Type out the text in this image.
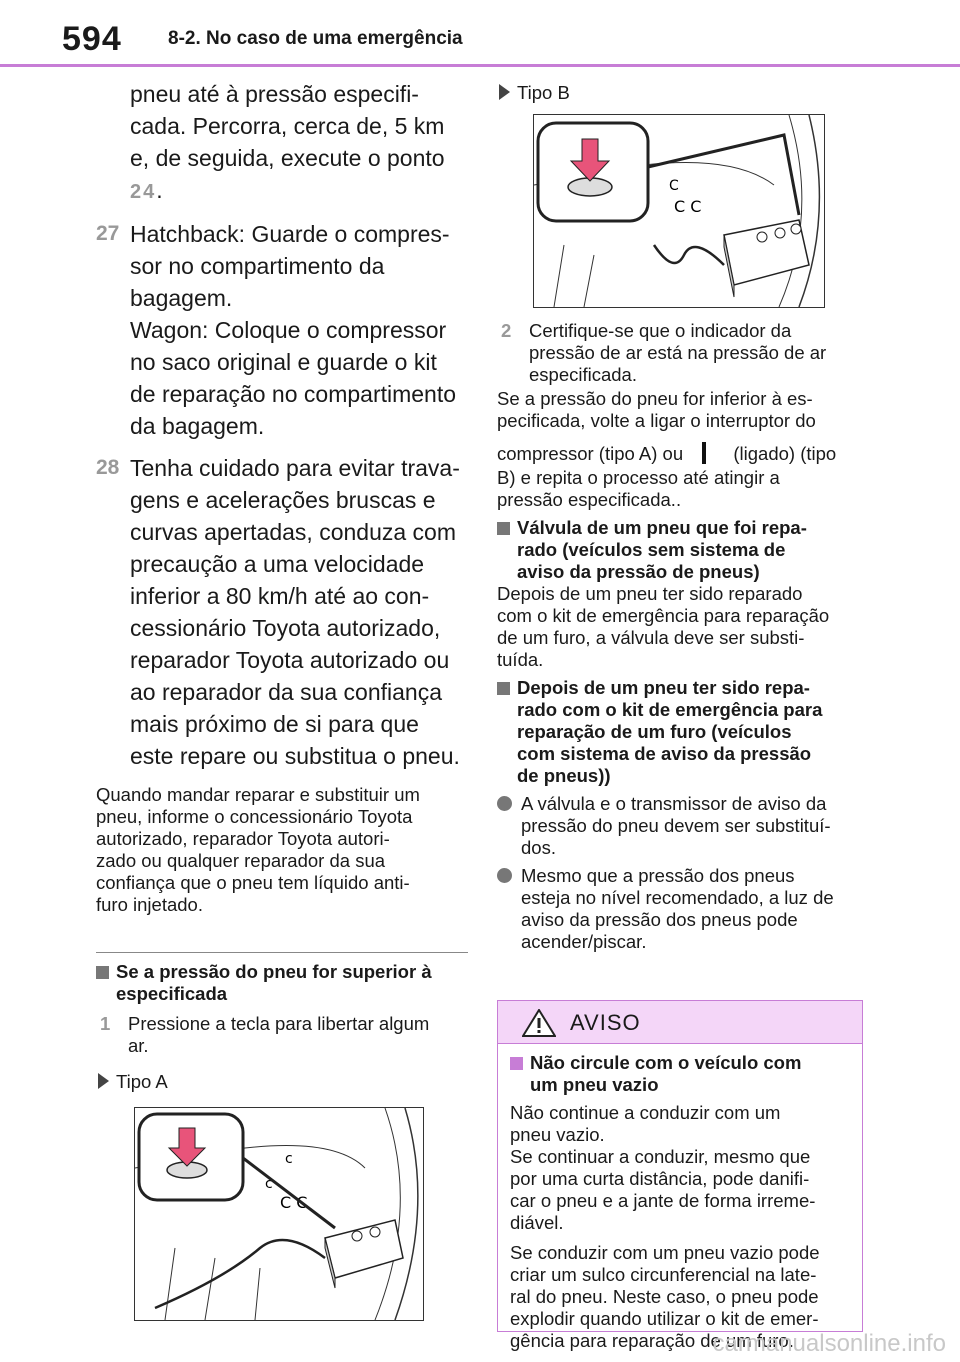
594 8-2. No caso de uma emergência
pneu até à pressão especifi-
cada. Percorra, cerca de, 5 km
e, de seguida, execute o ponto
24.
27 Hatchback: Guarde o compres-
sor no compartimento da
bagagem.
Wagon: Coloque o compressor
no saco original e guarde o kit
de reparação no compartimento
da bagagem.
28 Tenha cuidado para evitar trava-
gens e acelerações bruscas e
curvas apertadas, conduza com
precaução a uma velocidade
inferior a 80 km/h até ao con-
cessionário Toyota autorizado,
reparador Toyota autorizado ou
ao reparador da sua confiança
mais próximo de si para que
este repare ou substitua o pneu.
Quando mandar reparar e substituir um
pneu, informe o concessionário Toyota
autorizado, reparador Toyota autori-
zado ou qualquer reparador da sua
confiança que o pneu tem líquido anti-
furo injetado.
Se a pressão do pneu for superior à
especificada
1 Pressione a tecla para libertar algum
ar.
Tipo A
c
c
C C
Tipo B
C
C C
2 Certifique-se que o indicador da
pressão de ar está na pressão de ar
especificada.
Se a pressão do pneu for inferior à es-
pecificada, volte a ligar o interruptor do
compressor (tipo A) ou	(ligado) (tipo
B) e repita o processo até atingir a
pressão especificada..
Válvula de um pneu que foi repa-
rado (veículos sem sistema de
aviso da pressão de pneus)
Depois de um pneu ter sido reparado
com o kit de emergência para reparação
de um furo, a válvula deve ser substi-
tuída.
Depois de um pneu ter sido repa-
rado com o kit de emergência para
reparação de um furo (veículos
com sistema de aviso da pressão
de pneus))
A válvula e o transmissor de aviso da
pressão do pneu devem ser substituí-
dos.
Mesmo que a pressão dos pneus
esteja no nível recomendado, a luz de
aviso da pressão dos pneus pode
acender/piscar.
AVISO
Não circule com o veículo com
um pneu vazio
Não continue a conduzir com um
pneu vazio.
Se continuar a conduzir, mesmo que
por uma curta distância, pode danifi-
car o pneu e a jante de forma irreme-
diável.
Se conduzir com um pneu vazio pode
criar um sulco circunferencial na late-
ral do pneu. Neste caso, o pneu pode
explodir quando utilizar o kit de emer-
gência para reparação de um furo.
carmanualsonline.info
